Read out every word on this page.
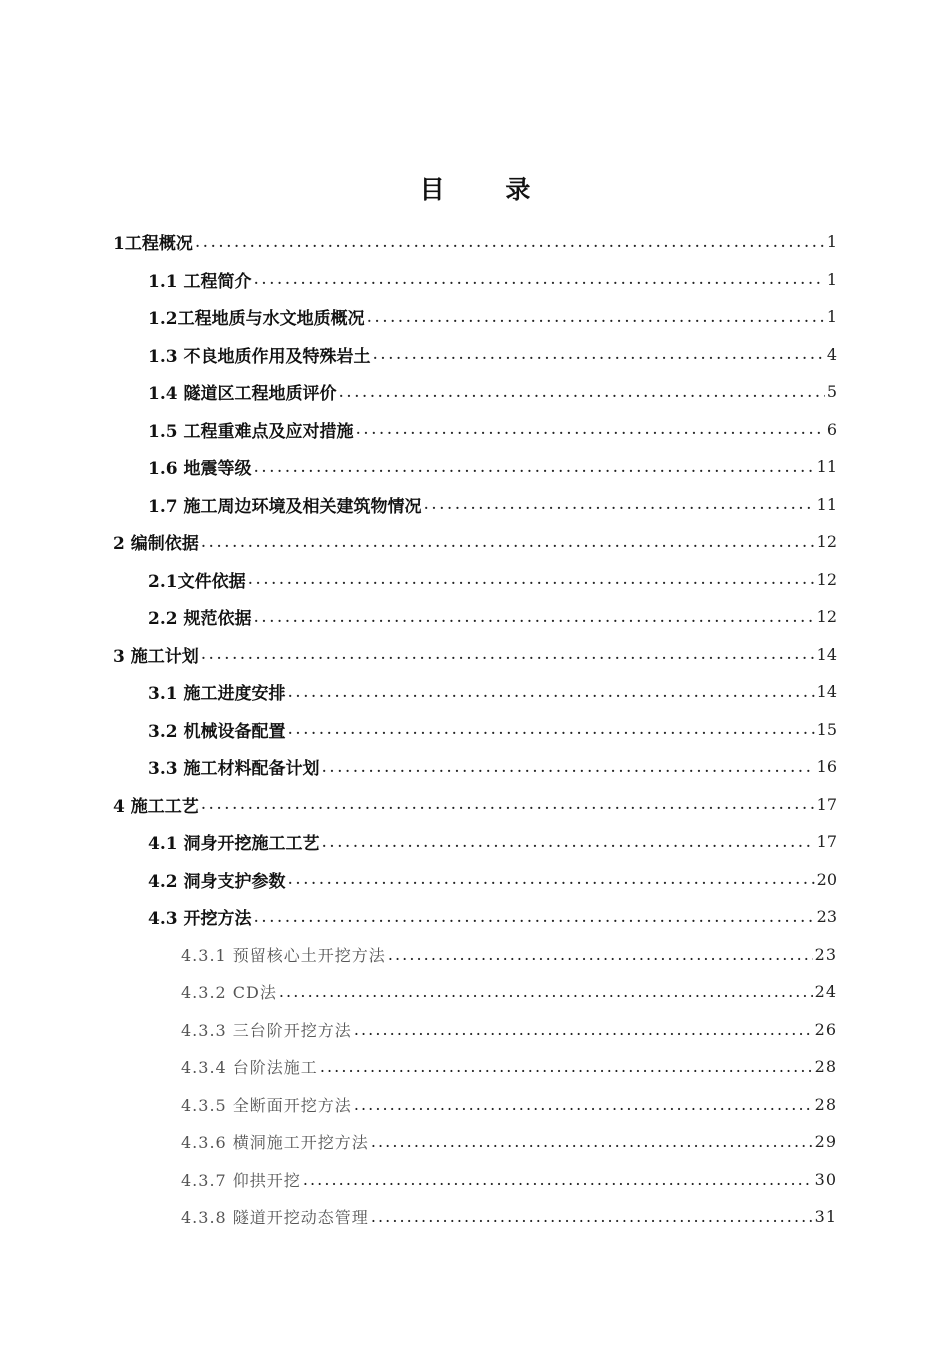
目 录
1工程概况 . . .	1
1.1 工程简介 . . .	1
1.2工程地质与水文地质概况 . . .	1
1.3 不良地质作用及特殊岩土 . . .	4
1.4 隧道区工程地质评价 . . .	5
1.5 工程重难点及应对措施 . . .	6
1.6 地震等级 . . .	11
1.7 施工周边环境及相关建筑物情况 . . .	11
2 编制依据 . . .	12
2.1文件依据 . . .	12
2.2 规范依据 . . .	12
3 施工计划 . . .	14
3.1 施工进度安排 . . .	14
3.2 机械设备配置 . . .	15
3.3 施工材料配备计划 . . .	16
4 施工工艺 . . .	17
4.1 洞身开挖施工工艺 . . .	17
4.2 洞身支护参数 . . .	20
4.3 开挖方法 . . .	23
4.3.1 预留核心土开挖方法 . . .	23
4.3.2 CD法 . . .	24
4.3.3 三台阶开挖方法 . . .	26
4.3.4 台阶法施工 . . .	28
4.3.5 全断面开挖方法 . . .	28
4.3.6 横洞施工开挖方法 . . .	29
4.3.7 仰拱开挖 . . .	30
4.3.8 隧道开挖动态管理 . . .	31
